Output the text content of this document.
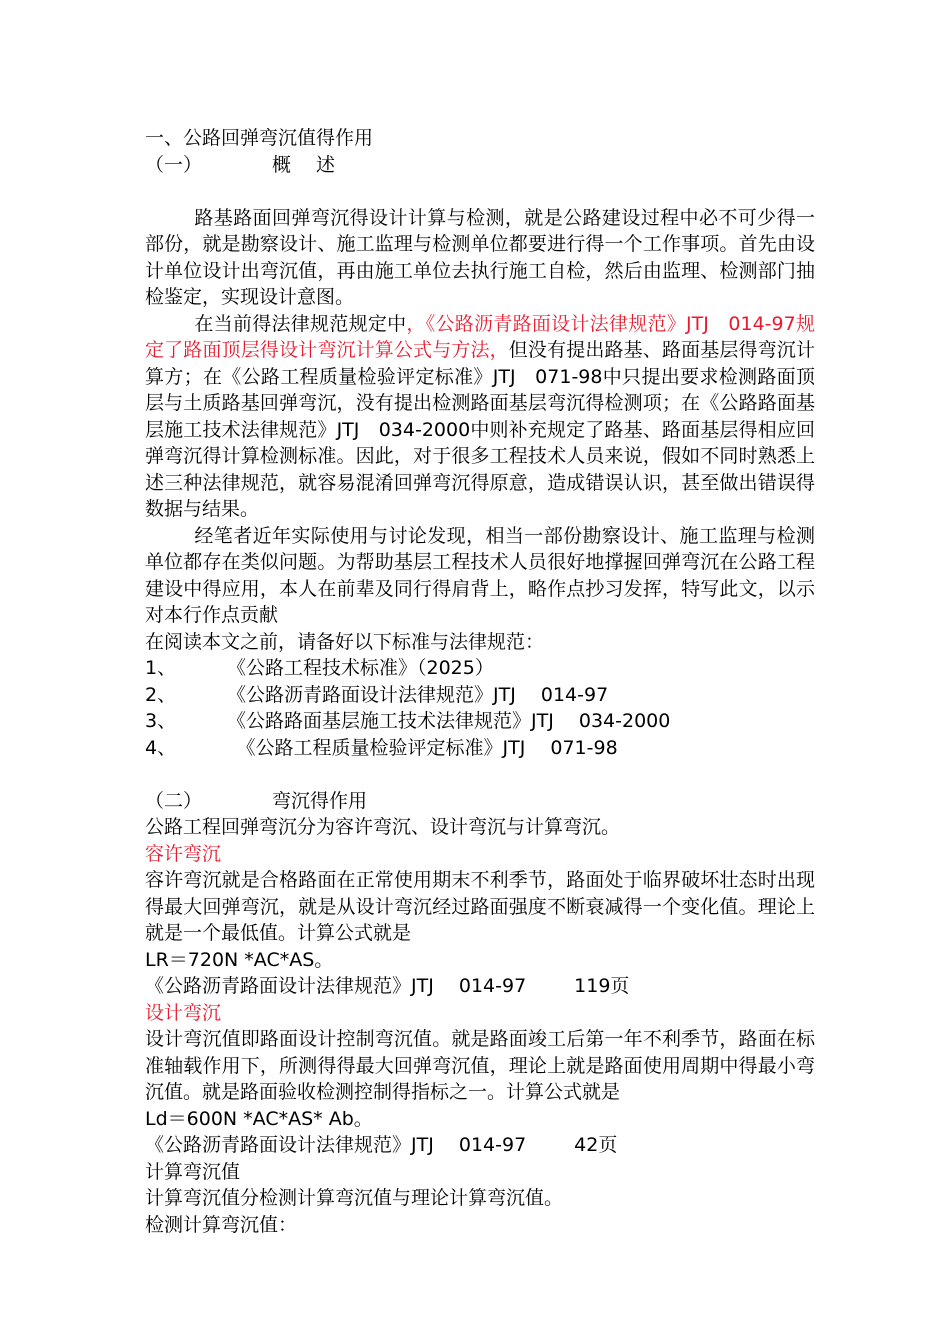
一、公路回弹弯沉值得作用
（一）	概　 述
路基路面回弹弯沉得设计计算与检测，就是公路建设过程中必不可少得一部份，就是勘察设计、施工监理与检测单位都要进行得一个工作事项。首先由设计单位设计出弯沉值，再由施工单位去执行施工自检，然后由监理、检测部门抽检鉴定，实现设计意图。
在当前得法律规范规定中，《公路沥青路面设计法律规范》JTJ　014-97规定了路面顶层得设计弯沉计算公式与方法，但没有提出路基、路面基层得弯沉计算方；在《公路工程质量检验评定标准》JTJ　071-98中只提出要求检测路面顶层与土质路基回弹弯沉，没有提出检测路面基层弯沉得检测项；在《公路路面基层施工技术法律规范》JTJ　034-2000中则补充规定了路基、路面基层得相应回弹弯沉得计算检测标准。因此，对于很多工程技术人员来说，假如不同时熟悉上述三种法律规范，就容易混淆回弹弯沉得原意，造成错误认识，甚至做出错误得数据与结果。
经笔者近年实际使用与讨论发现，相当一部份勘察设计、施工监理与检测单位都存在类似问题。为帮助基层工程技术人员很好地撑握回弹弯沉在公路工程建设中得应用，本人在前辈及同行得肩背上，略作点抄习发挥，特写此文，以示对本行作点贡献
在阅读本文之前，请备好以下标准与法律规范：
1、	《公路工程技术标准》（2025）
2、	《公路沥青路面设计法律规范》JTJ　 014-97
3、	《公路路面基层施工技术法律规范》JTJ　 034-2000
4、	　《公路工程质量检验评定标准》JTJ　 071-98
（二）	弯沉得作用
公路工程回弹弯沉分为容许弯沉、设计弯沉与计算弯沉。
容许弯沉
容许弯沉就是合格路面在正常使用期末不利季节，路面处于临界破坏壮态时出现得最大回弹弯沉，就是从设计弯沉经过路面强度不断衰减得一个变化值。理论上就是一个最低值。计算公式就是
LR＝720N *AC*AS。
《公路沥青路面设计法律规范》JTJ　 014-97	119页
设计弯沉
设计弯沉值即路面设计控制弯沉值。就是路面竣工后第一年不利季节，路面在标准轴载作用下，所测得得最大回弹弯沉值，理论上就是路面使用周期中得最小弯沉值。就是路面验收检测控制得指标之一。计算公式就是
Ld＝600N *AC*AS* Ab。
《公路沥青路面设计法律规范》JTJ　 014-97	42页
计算弯沉值
计算弯沉值分检测计算弯沉值与理论计算弯沉值。
检测计算弯沉值：
